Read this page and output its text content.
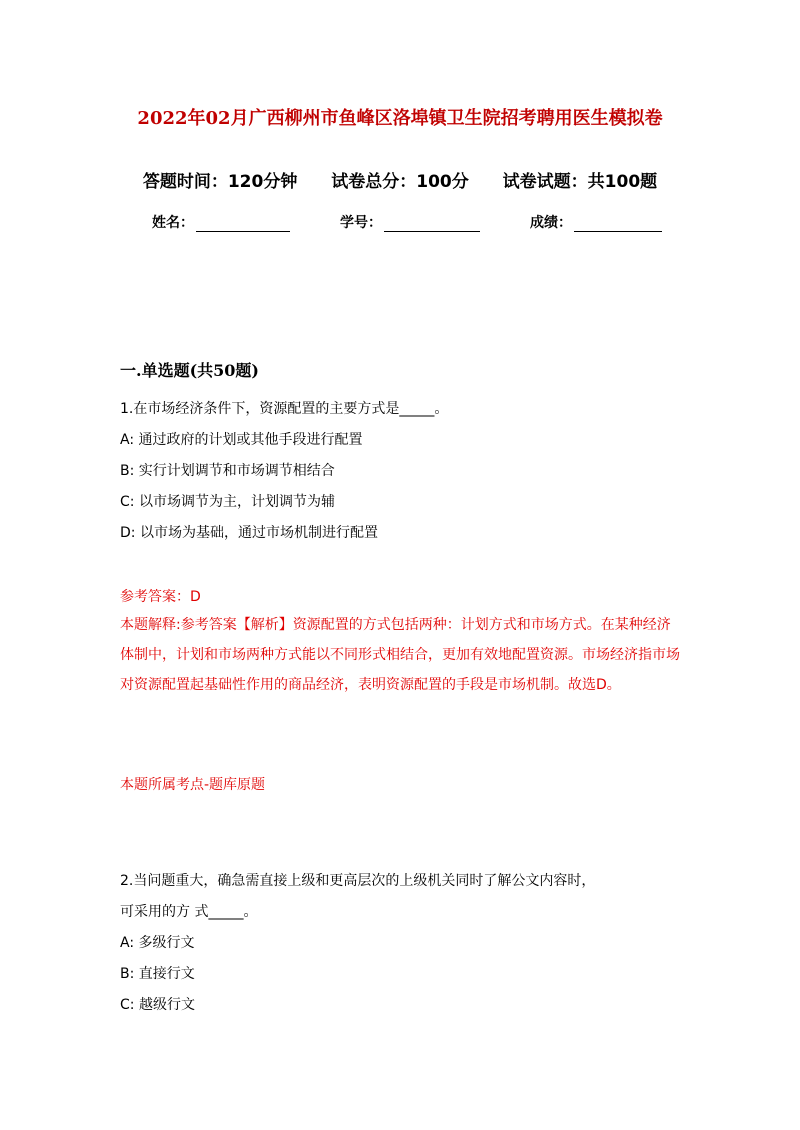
2022年02月广西柳州市鱼峰区洛埠镇卫生院招考聘用医生模拟卷
答题时间：120分钟 试卷总分：100分 试卷试题：共100题
姓名：	学号：	成绩：
一.单选题(共50题)
1.在市场经济条件下，资源配置的主要方式是_____。
A: 通过政府的计划或其他手段进行配置
B: 实行计划调节和市场调节相结合
C: 以市场调节为主，计划调节为辅
D: 以市场为基础，通过市场机制进行配置
参考答案：D
本题解释:参考答案【解析】资源配置的方式包括两种：计划方式和市场方式。在某种经济体制中，计划和市场两种方式能以不同形式相结合，更加有效地配置资源。市场经济指市场对资源配置起基础性作用的商品经济，表明资源配置的手段是市场机制。故选D。
本题所属考点-题库原题
2.当问题重大，确急需直接上级和更高层次的上级机关同时了解公文内容时，
可采用的方 式_____。
A: 多级行文
B: 直接行文
C: 越级行文
